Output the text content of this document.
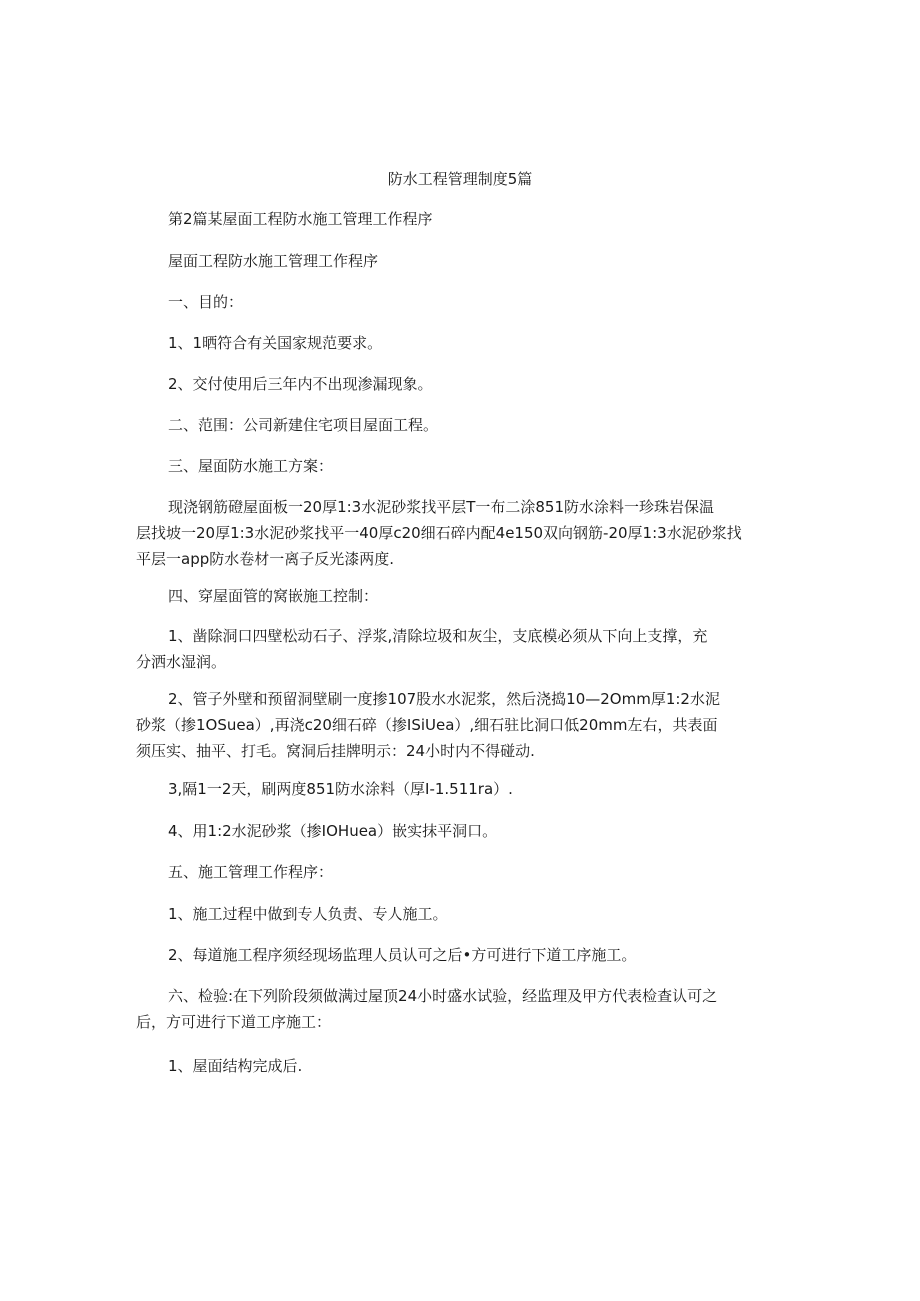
防水工程管理制度5篇
第2篇某屋面工程防水施工管理工作程序
屋面工程防水施工管理工作程序
一、目的：
1、1晒符合有关国家规范要求。
2、交付使用后三年内不出现渗漏现象。
二、范围：公司新建住宅项目屋面工程。
三、屋面防水施工方案：
现浇钢筋磴屋面板一20厚1:3水泥砂浆找平层T一布二涂851防水涂料一珍珠岩保温
层找坡一20厚1:3水泥砂浆找平一40厚c20细石碎内配4e150双向钢筋-20厚1:3水泥砂浆找
平层一app防水卷材一离子反光漆两度.
四、穿屋面管的窝嵌施工控制：
1、凿除洞口四壁松动石子、浮浆,清除垃圾和灰尘，支底模必须从下向上支撑，充
分洒水湿润。
2、管子外壁和预留洞壁刷一度掺107股水水泥浆，然后浇捣10—2Omm厚1:2水泥
砂浆（掺1OSuea）,再浇c20细石碎（掺ISiUea）,细石驻比洞口低20mm左右，共表面
须压实、抽平、打毛。窝洞后挂牌明示：24小时内不得碰动.
3,隔1一2天，刷两度851防水涂料（厚I-1.511ra）.
4、用1:2水泥砂浆（掺IOHuea）嵌实抹平洞口。
五、施工管理工作程序：
1、施工过程中做到专人负责、专人施工。
2、每道施工程序须经现场监理人员认可之后•方可进行下道工序施工。
六、检验:在下列阶段须做满过屋顶24小时盛水试验，经监理及甲方代表检查认可之
后，方可进行下道工序施工：
1、屋面结构完成后.
